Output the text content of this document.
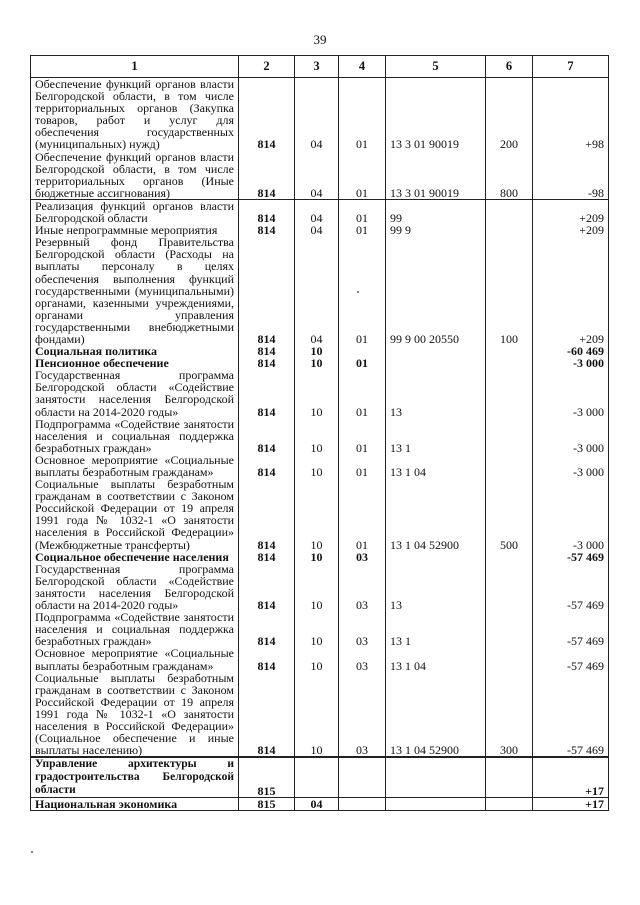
39
1	2	3	4	5	6	7
Обеспечение функций органов власти Белгородской области, в том числе территориальных органов (Закупка товаров, работ и услуг для обеспечения государственных (муниципальных) нужд)	814	04	01	13 3 01 90019	200	+98
Обеспечение функций органов власти Белгородской области, в том числе территориальных органов (Иные бюджетные ассигнования)	814	04	01	13 3 01 90019	800	-98
Реализация функций органов власти Белгородской области	814	04	01	99		+209
Иные непрограммные мероприятия	814	04	01	99 9		+209
Резервный фонд Правительства Белгородской области (Расходы на выплаты персоналу в целях обеспечения выполнения функций государственными (муниципальными) органами, казенными учреждениями, органами управления государственными внебюджетными фондами)	814	04	01	99 9 00 20550	100	+209
Социальная политика	814	10				-60 469
Пенсионное обеспечение	814	10	01			-3 000
Государственная программа Белгородской области «Содействие занятости населения Белгородской области на 2014-2020 годы»	814	10	01	13		-3 000
Подпрограмма «Содействие занятости населения и социальная поддержка безработных граждан»	814	10	01	13 1		-3 000
Основное мероприятие «Социальные выплаты безработным гражданам»	814	10	01	13 1 04		-3 000
Социальные выплаты безработным гражданам в соответствии с Законом Российской Федерации от 19 апреля 1991 года № 1032-1 «О занятости населения в Российской Федерации» (Межбюджетные трансферты)	814	10	01	13 1 04 52900	500	-3 000
Социальное обеспечение населения	814	10	03			-57 469
Государственная программа Белгородской области «Содействие занятости населения Белгородской области на 2014-2020 годы»	814	10	03	13		-57 469
Подпрограмма «Содействие занятости населения и социальная поддержка безработных граждан»	814	10	03	13 1		-57 469
Основное мероприятие «Социальные выплаты безработным гражданам»	814	10	03	13 1 04		-57 469
Социальные выплаты безработным гражданам в соответствии с Законом Российской Федерации от 19 апреля 1991 года № 1032-1 «О занятости населения в Российской Федерации» (Социальное обеспечение и иные выплаты населению)	814	10	03	13 1 04 52900	300	-57 469
Управление архитектуры и градостроительства Белгородской области	815					+17
Национальная экономика	815	04				+17
